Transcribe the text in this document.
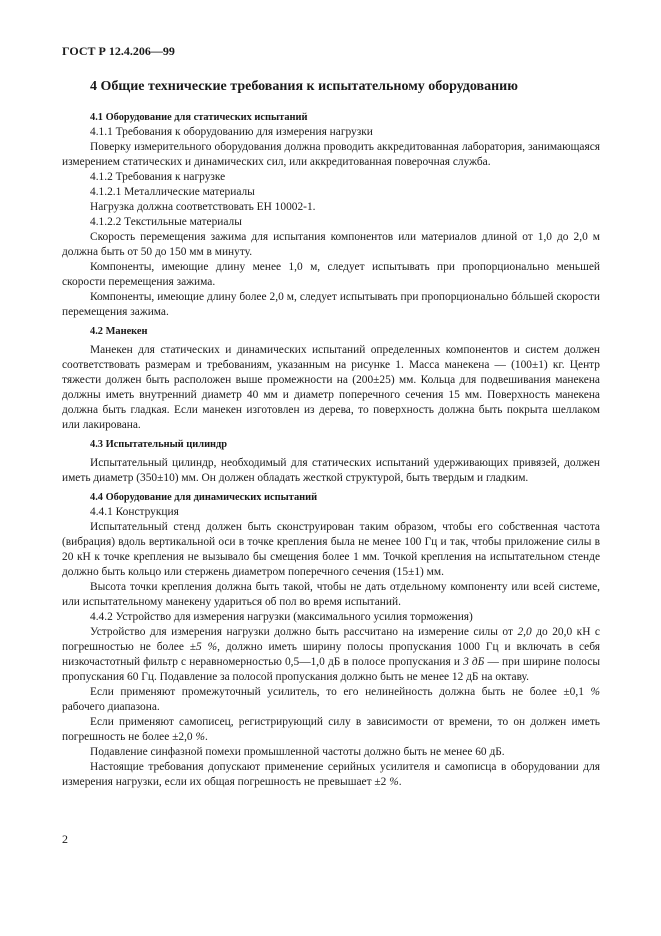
ГОСТ Р 12.4.206—99
4 Общие технические требования к испытательному оборудованию

4.1 Оборудование для статических испытаний

4.1.1 Требования к оборудованию для измерения нагрузки

Поверку измерительного оборудования должна проводить аккредитованная лаборатория, занимающаяся измерением статических и динамических сил, или аккредитованная поверочная служба.

4.1.2 Требования к нагрузке

4.1.2.1 Металлические материалы

Нагрузка должна соответствовать ЕН 10002-1.

4.1.2.2 Текстильные материалы

Скорость перемещения зажима для испытания компонентов или материалов длиной от 1,0 до 2,0 м должна быть от 50 до 150 мм в минуту.

Компоненты, имеющие длину менее 1,0 м, следует испытывать при пропорционально меньшей скорости перемещения зажима.

Компоненты, имеющие длину более 2,0 м, следует испытывать при пропорционально бóльшей скорости перемещения зажима.

4.2 Манекен

Манекен для статических и динамических испытаний определенных компонентов и систем должен соответствовать размерам и требованиям, указанным на рисунке 1. Масса манекена — (100±1) кг. Центр тяжести должен быть расположен выше промежности на (200±25) мм. Кольца для подвешивания манекена должны иметь внутренний диаметр 40 мм и диаметр поперечного сечения 15 мм. Поверхность манекена должна быть гладкая. Если манекен изготовлен из дерева, то поверхность должна быть покрыта шеллаком или лакирована.

4.3 Испытательный цилиндр

Испытательный цилиндр, необходимый для статических испытаний удерживающих привязей, должен иметь диаметр (350±10) мм. Он должен обладать жесткой структурой, быть твердым и гладким.

4.4 Оборудование для динамических испытаний

4.4.1 Конструкция

Испытательный стенд должен быть сконструирован таким образом, чтобы его собственная частота (вибрация) вдоль вертикальной оси в точке крепления была не менее 100 Гц и так, чтобы приложение силы в 20 кН к точке крепления не вызывало бы смещения более 1 мм. Точкой крепления на испытательном стенде должно быть кольцо или стержень диаметром поперечного сечения (15±1) мм.

Высота точки крепления должна быть такой, чтобы не дать отдельному компоненту или всей системе, или испытательному манекену удариться об пол во время испытаний.

4.4.2 Устройство для измерения нагрузки (максимального усилия торможения)

Устройство для измерения нагрузки должно быть рассчитано на измерение силы от 2,0 до 20,0 кН с погрешностью не более ±5 %, должно иметь ширину полосы пропускания 1000 Гц и включать в себя низкочастотный фильтр с неравномерностью 0,5—1,0 дБ в полосе пропускания и 3 дБ — при ширине полосы пропускания 60 Гц. Подавление за полосой пропускания должно быть не менее 12 дБ на октаву.

Если применяют промежуточный усилитель, то его нелинейность должна быть не более ±0,1 % рабочего диапазона.

Если применяют самописец, регистрирующий силу в зависимости от времени, то он должен иметь погрешность не более ±2,0 %.

Подавление синфазной помехи промышленной частоты должно быть не менее 60 дБ.

Настоящие требования допускают применение серийных усилителя и самописца в оборудовании для измерения нагрузки, если их общая погрешность не превышает ±2 %.

2
